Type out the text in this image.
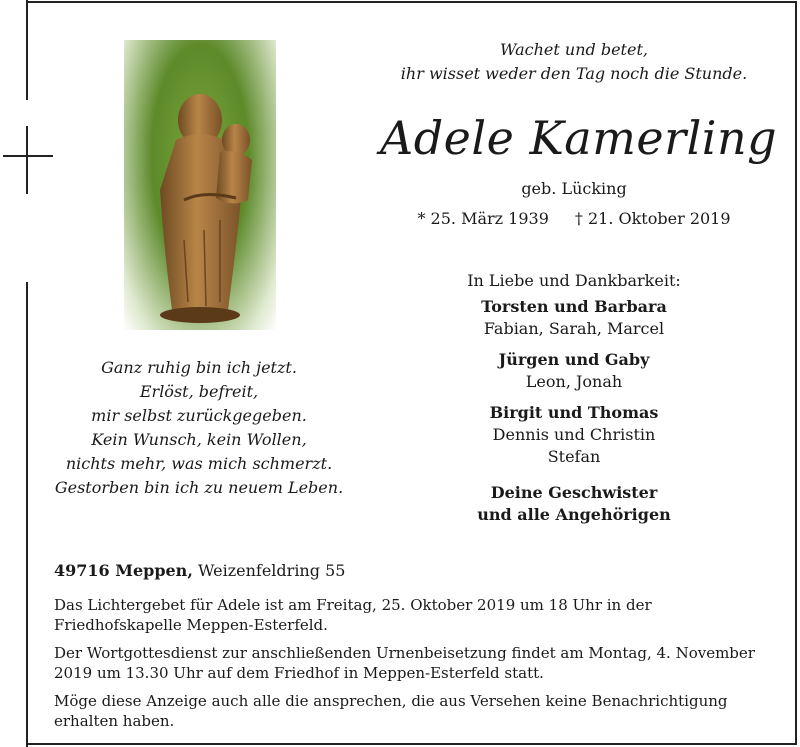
Wachet und betet,
ihr wisset weder den Tag noch die Stunde.
Adele Kamerling
geb. Lücking
* 25. März 1939 † 21. Oktober 2019
Ganz ruhig bin ich jetzt.
Erlöst, befreit,
mir selbst zurückgegeben.
Kein Wunsch, kein Wollen,
nichts mehr, was mich schmerzt.
Gestorben bin ich zu neuem Leben.
In Liebe und Dankbarkeit:
Torsten und Barbara
Fabian, Sarah, Marcel
Jürgen und Gaby
Leon, Jonah
Birgit und Thomas
Dennis und Christin
Stefan
Deine Geschwister
und alle Angehörigen
49716 Meppen, Weizenfeldring 55

Das Lichtergebet für Adele ist am Freitag, 25. Oktober 2019 um 18 Uhr in der Friedhofskapelle Meppen-Esterfeld.

Der Wortgottesdienst zur anschließenden Urnenbeisetzung findet am Montag, 4. November 2019 um 13.30 Uhr auf dem Friedhof in Meppen-Esterfeld statt.

Möge diese Anzeige auch alle die ansprechen, die aus Versehen keine Benachrichtigung erhalten haben.
